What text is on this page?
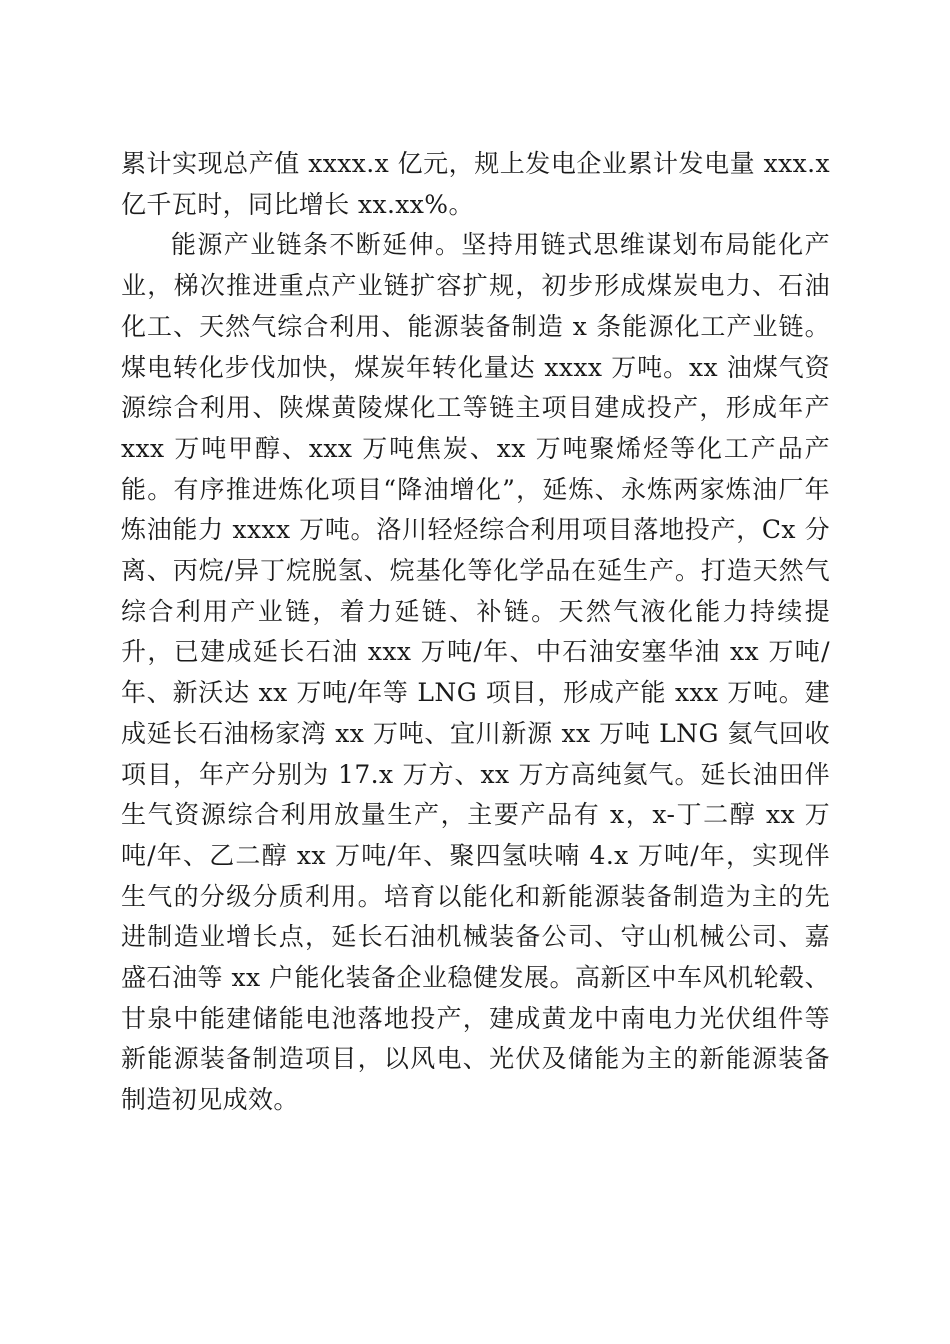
累计实现总产值 xxxx.x 亿元，规上发电企业累计发电量 xxx.x 亿千瓦时，同比增长 xx.xx%。

能源产业链条不断延伸。坚持用链式思维谋划布局能化产业，梯次推进重点产业链扩容扩规，初步形成煤炭电力、石油化工、天然气综合利用、能源装备制造 x 条能源化工产业链。煤电转化步伐加快，煤炭年转化量达 xxxx 万吨。xx 油煤气资源综合利用、陕煤黄陵煤化工等链主项目建成投产，形成年产 xxx 万吨甲醇、xxx 万吨焦炭、xx 万吨聚烯烃等化工产品产能。有序推进炼化项目“降油增化”，延炼、永炼两家炼油厂年炼油能力 xxxx 万吨。洛川轻烃综合利用项目落地投产，Cx 分离、丙烷/异丁烷脱氢、烷基化等化学品在延生产。打造天然气综合利用产业链，着力延链、补链。天然气液化能力持续提升，已建成延长石油 xxx 万吨/年、中石油安塞华油 xx 万吨/年、新沃达 xx 万吨/年等 LNG 项目，形成产能 xxx 万吨。建成延长石油杨家湾 xx 万吨、宜川新源 xx 万吨 LNG 氦气回收项目，年产分别为 17.x 万方、xx 万方高纯氦气。延长油田伴生气资源综合利用放量生产，主要产品有 x，x-丁二醇 xx 万吨/年、乙二醇 xx 万吨/年、聚四氢呋喃 4.x 万吨/年，实现伴生气的分级分质利用。培育以能化和新能源装备制造为主的先进制造业增长点，延长石油机械装备公司、守山机械公司、嘉盛石油等 xx 户能化装备企业稳健发展。高新区中车风机轮毂、甘泉中能建储能电池落地投产，建成黄龙中南电力光伏组件等新能源装备制造项目，以风电、光伏及储能为主的新能源装备制造初见成效。
